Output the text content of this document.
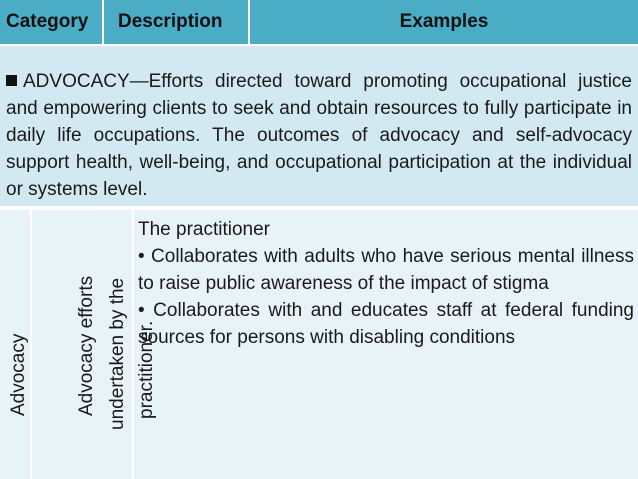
Category	Description	Examples
ADVOCACY—Efforts directed toward promoting occupational justice and empowering clients to seek and obtain resources to fully participate in daily life occupations. The outcomes of advocacy and self-advocacy support health, well-being, and occupational participation at the individual or systems level.
Advocacy Advocacy efforts undertaken by the practitioner.
The practitioner
• Collaborates with adults who have serious mental illness to raise public awareness of the impact of stigma
• Collaborates with and educates staff at federal funding sources for persons with disabling conditions
